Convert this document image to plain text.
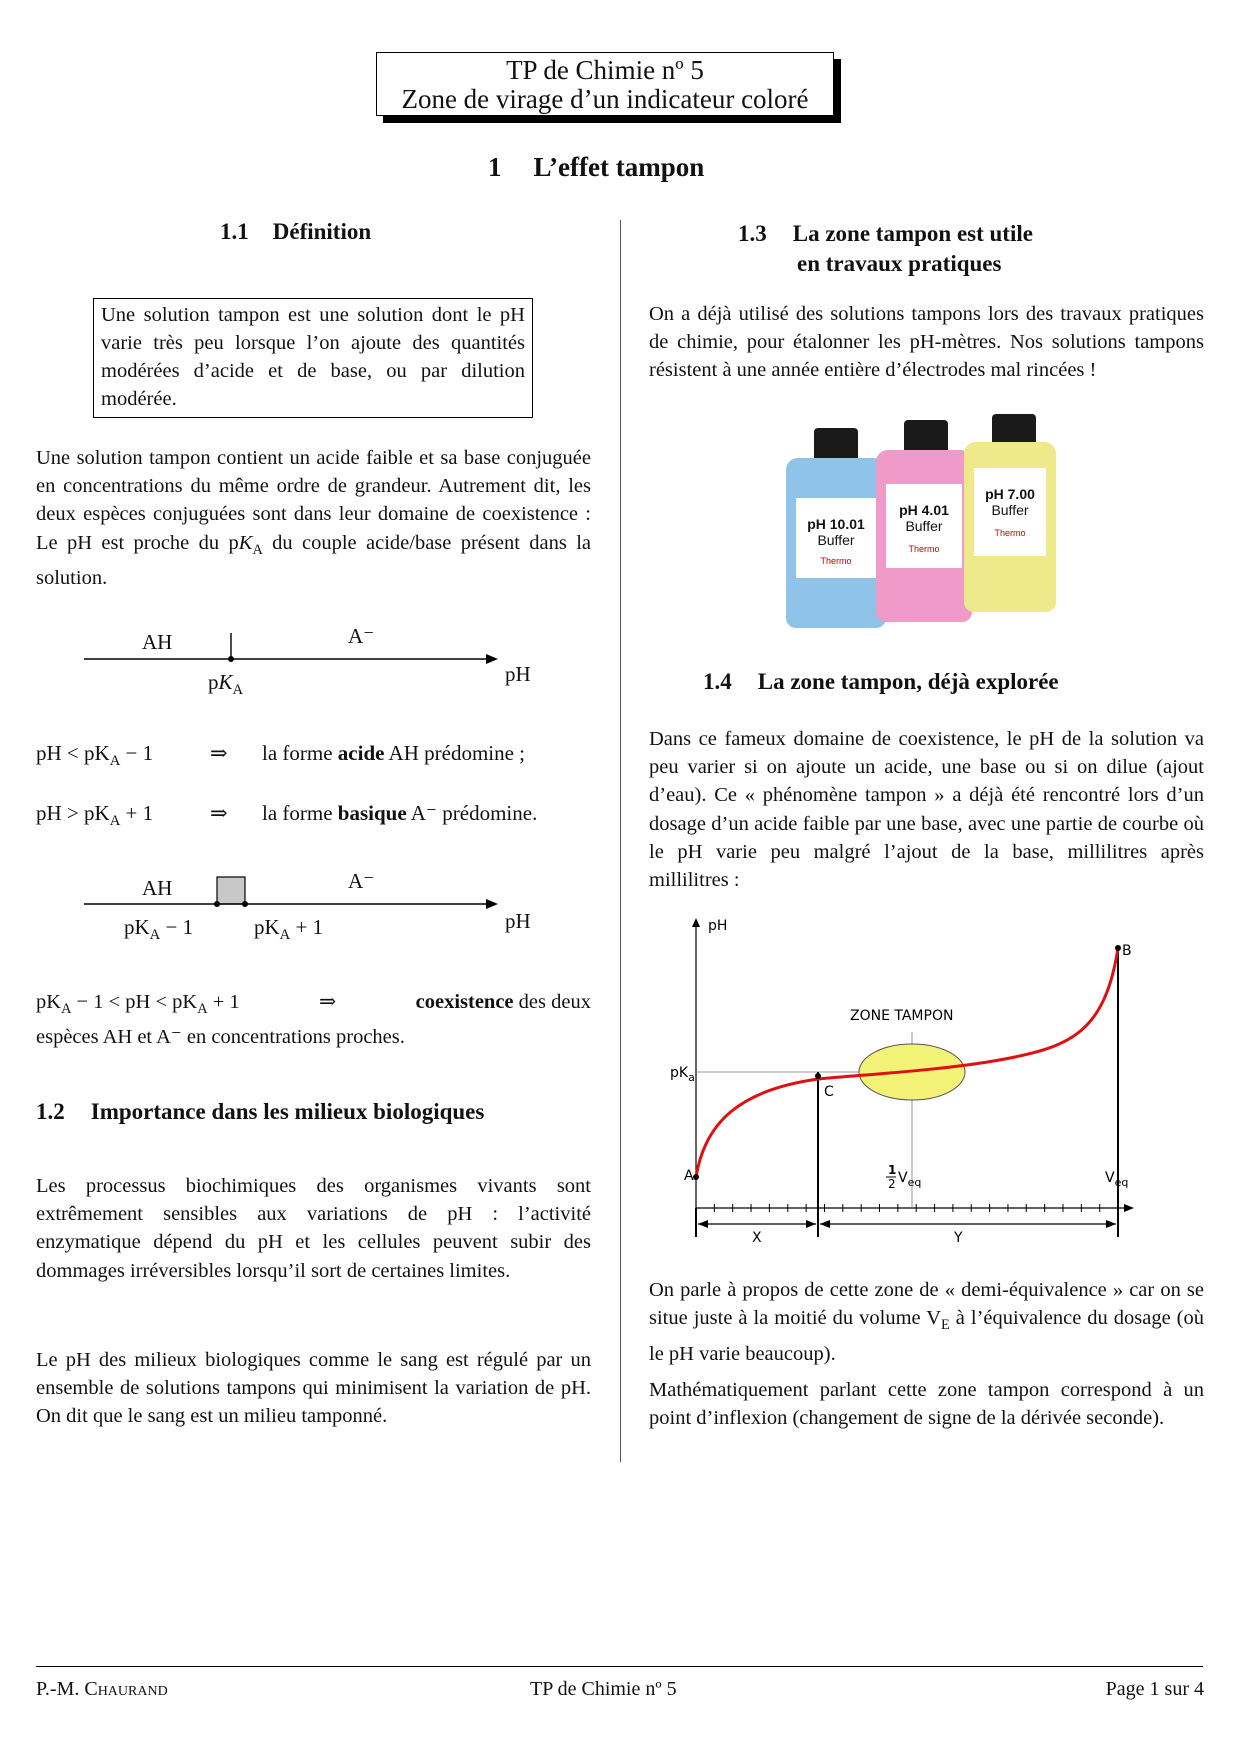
TP de Chimie nº 5
Zone de virage d’un indicateur coloré
1 L’effet tampon
1.1 Définition
Une solution tampon est une solution dont le pH varie très peu lorsque l’on ajoute des quantités modérées d’acide et de base, ou par dilution modérée.
Une solution tampon contient un acide faible et sa base conjuguée en concentrations du même ordre de grandeur. Autrement dit, les deux espèces conjuguées sont dans leur domaine de coexistence : Le pH est proche du $pK_A$ du couple acide/base présent dans la solution.
AH	A⁻
$pK_A$
pH
pH < $pK_A - 1$	⇒ la forme acide AH prédomine ;
pH > $pK_A + 1$	⇒ la forme basique A⁻ prédomine.
AH	A⁻
$pK_A - 1$	$pK_A + 1$	pH
$pK_A - 1$ < pH < $pK_A + 1$	⇒	coexistence des deux
espèces AH et A⁻ en concentrations proches.
1.2 Importance dans les milieux biologiques
Les processus biochimiques des organismes vivants sont extrêmement sensibles aux variations de pH : l’activité enzymatique dépend du pH et les cellules peuvent subir des dommages irréversibles lorsqu’il sort de certaines limites.
Le pH des milieux biologiques comme le sang est régulé par un ensemble de solutions tampons qui minimisent la variation de pH. On dit que le sang est un milieu tamponné.
1.3 La zone tampon est utile
en travaux pratiques
On a déjà utilisé des solutions tampons lors des travaux pratiques de chimie, pour étalonner les pH-mètres. Nos solutions tampons résistent à une année entière d’électrodes mal rincées !
pH 10.01
Buffer
Thermo
pH 4.01
Buffer
Thermo
pH 7.00
Buffer
Thermo
1.4 La zone tampon, déjà explorée
Dans ce fameux domaine de coexistence, le pH de la solution va peu varier si on ajoute un acide, une base ou si on dilue (ajout d’eau). Ce « phénomène tampon » a déjà été rencontré lors d’un dosage d’un acide faible par une base, avec une partie de courbe où le pH varie peu malgré l’ajout de la base, millilitres après millilitres :
pH
ZONE TAMPON
$pK_a$
A
B
C
1
2 $V_{eq}$	$V_{eq}$
X	Y
On parle à propos de cette zone de « demi-équivalence » car on se situe juste à la moitié du volume $V_E$ à l’équivalence du dosage (où le pH varie beaucoup).
Mathématiquement parlant cette zone tampon correspond à un point d’inflexion (changement de signe de la dérivée seconde).
P.-M. Chaurand	TP de Chimie nº 5	Page 1 sur 4
